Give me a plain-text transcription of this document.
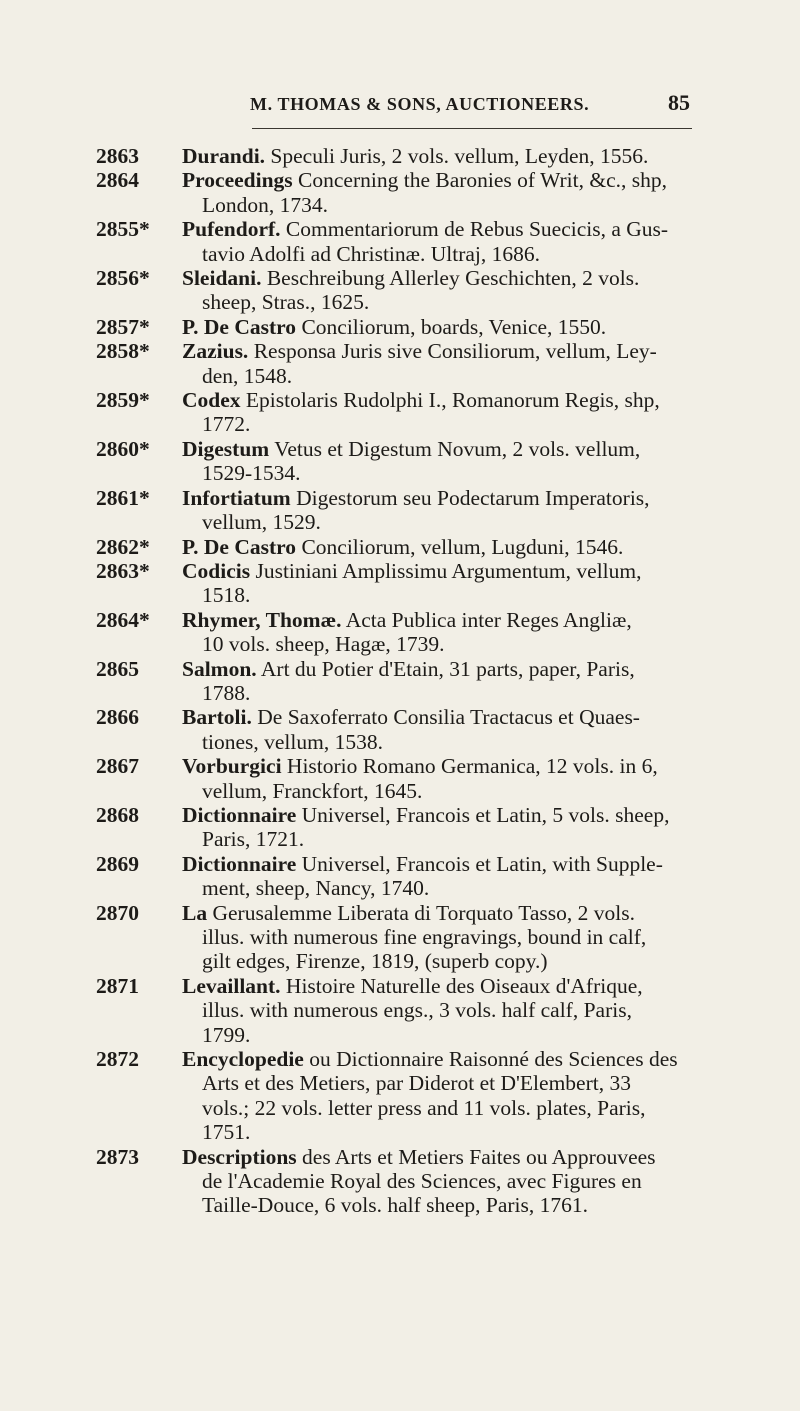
M. THOMAS & SONS, AUCTIONEERS.	85
2863 Durandi. Speculi Juris, 2 vols. vellum, Leyden, 1556.
2864 Proceedings Concerning the Baronies of Writ, &c., shp,
London, 1734.
2855* Pufendorf. Commentariorum de Rebus Suecicis, a Gus-
tavio Adolfi ad Christinæ. Ultraj, 1686.
2856* Sleidani. Beschreibung Allerley Geschichten, 2 vols.
sheep, Stras., 1625.
2857* P. De Castro Conciliorum, boards, Venice, 1550.
2858* Zazius. Responsa Juris sive Consiliorum, vellum, Ley-
den, 1548.
2859* Codex Epistolaris Rudolphi I., Romanorum Regis, shp,
1772.
2860* Digestum Vetus et Digestum Novum, 2 vols. vellum,
1529-1534.
2861* Infortiatum Digestorum seu Podectarum Imperatoris,
vellum, 1529.
2862* P. De Castro Conciliorum, vellum, Lugduni, 1546.
2863* Codicis Justiniani Amplissimu Argumentum, vellum,
1518.
2864* Rhymer, Thomæ. Acta Publica inter Reges Angliæ,
10 vols. sheep, Hagæ, 1739.
2865 Salmon. Art du Potier d'Etain, 31 parts, paper, Paris,
1788.
2866 Bartoli. De Saxoferrato Consilia Tractacus et Quaes-
tiones, vellum, 1538.
2867 Vorburgici Historio Romano Germanica, 12 vols. in 6,
vellum, Franckfort, 1645.
2868 Dictionnaire Universel, Francois et Latin, 5 vols. sheep,
Paris, 1721.
2869 Dictionnaire Universel, Francois et Latin, with Supple-
ment, sheep, Nancy, 1740.
2870 La Gerusalemme Liberata di Torquato Tasso, 2 vols.
illus. with numerous fine engravings, bound in calf,
gilt edges, Firenze, 1819, (superb copy.)
2871 Levaillant. Histoire Naturelle des Oiseaux d'Afrique,
illus. with numerous engs., 3 vols. half calf, Paris,
1799.
2872 Encyclopedie ou Dictionnaire Raisonné des Sciences des
Arts et des Metiers, par Diderot et D'Elembert, 33
vols.; 22 vols. letter press and 11 vols. plates, Paris,
1751.
2873 Descriptions des Arts et Metiers Faites ou Approuvees
de l'Academie Royal des Sciences, avec Figures en
Taille-Douce, 6 vols. half sheep, Paris, 1761.
